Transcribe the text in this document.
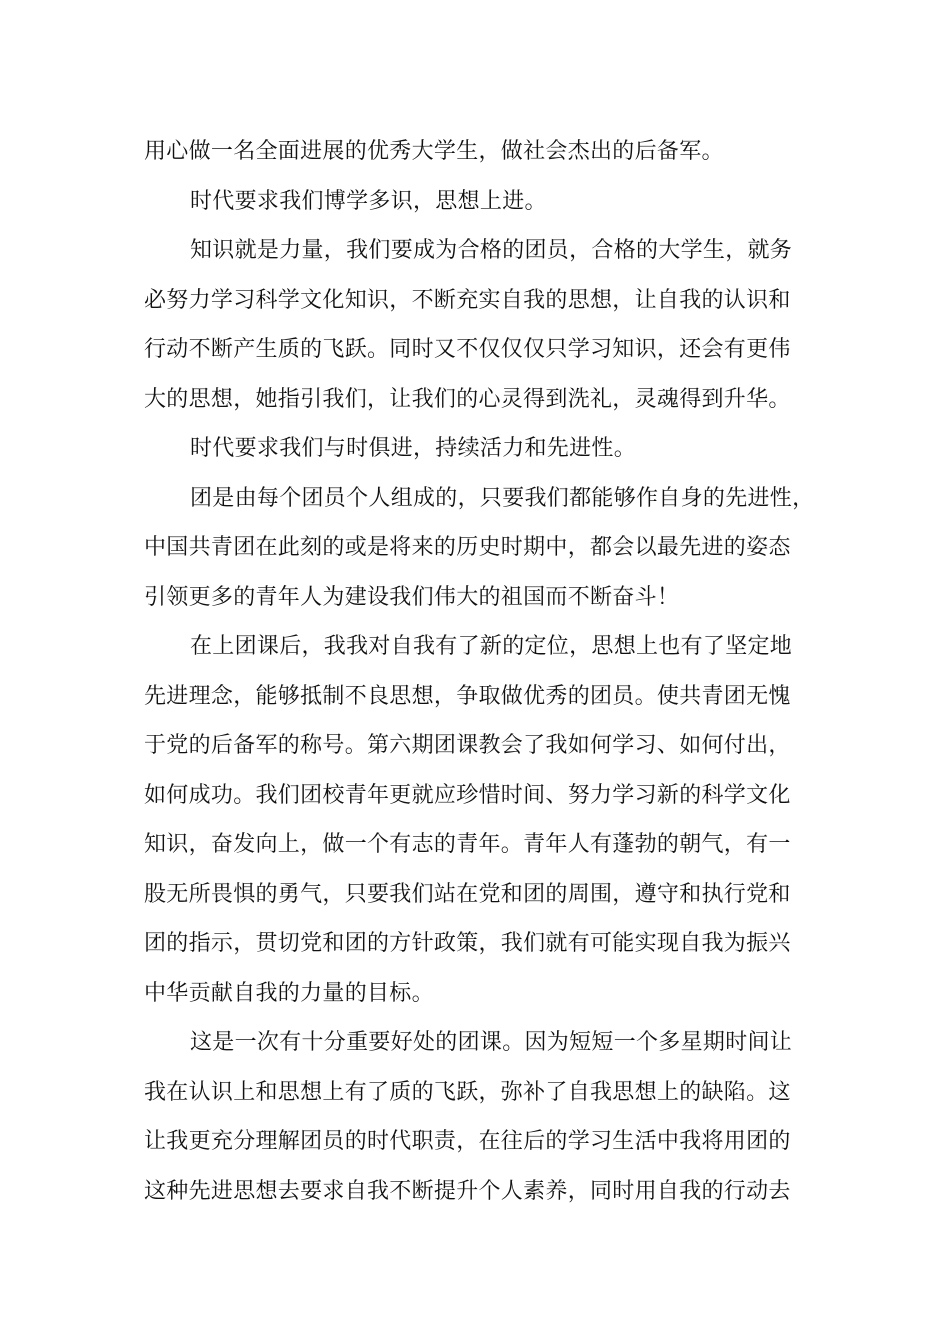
用心做一名全面进展的优秀大学生，做社会杰出的后备军。
时代要求我们博学多识，思想上进。
知识就是力量，我们要成为合格的团员，合格的大学生，就务
必努力学习科学文化知识，不断充实自我的思想，让自我的认识和
行动不断产生质的飞跃。同时又不仅仅仅只学习知识，还会有更伟
大的思想，她指引我们，让我们的心灵得到洗礼，灵魂得到升华。
时代要求我们与时俱进，持续活力和先进性。
团是由每个团员个人组成的，只要我们都能够作自身的先进性，
中国共青团在此刻的或是将来的历史时期中，都会以最先进的姿态
引领更多的青年人为建设我们伟大的祖国而不断奋斗！
在上团课后，我我对自我有了新的定位，思想上也有了坚定地
先进理念，能够抵制不良思想，争取做优秀的团员。使共青团无愧
于党的后备军的称号。第六期团课教会了我如何学习、如何付出，
如何成功。我们团校青年更就应珍惜时间、努力学习新的科学文化
知识，奋发向上，做一个有志的青年。青年人有蓬勃的朝气，有一
股无所畏惧的勇气，只要我们站在党和团的周围，遵守和执行党和
团的指示，贯切党和团的方针政策，我们就有可能实现自我为振兴
中华贡献自我的力量的目标。
这是一次有十分重要好处的团课。因为短短一个多星期时间让
我在认识上和思想上有了质的飞跃，弥补了自我思想上的缺陷。这
让我更充分理解团员的时代职责，在往后的学习生活中我将用团的
这种先进思想去要求自我不断提升个人素养，同时用自我的行动去
